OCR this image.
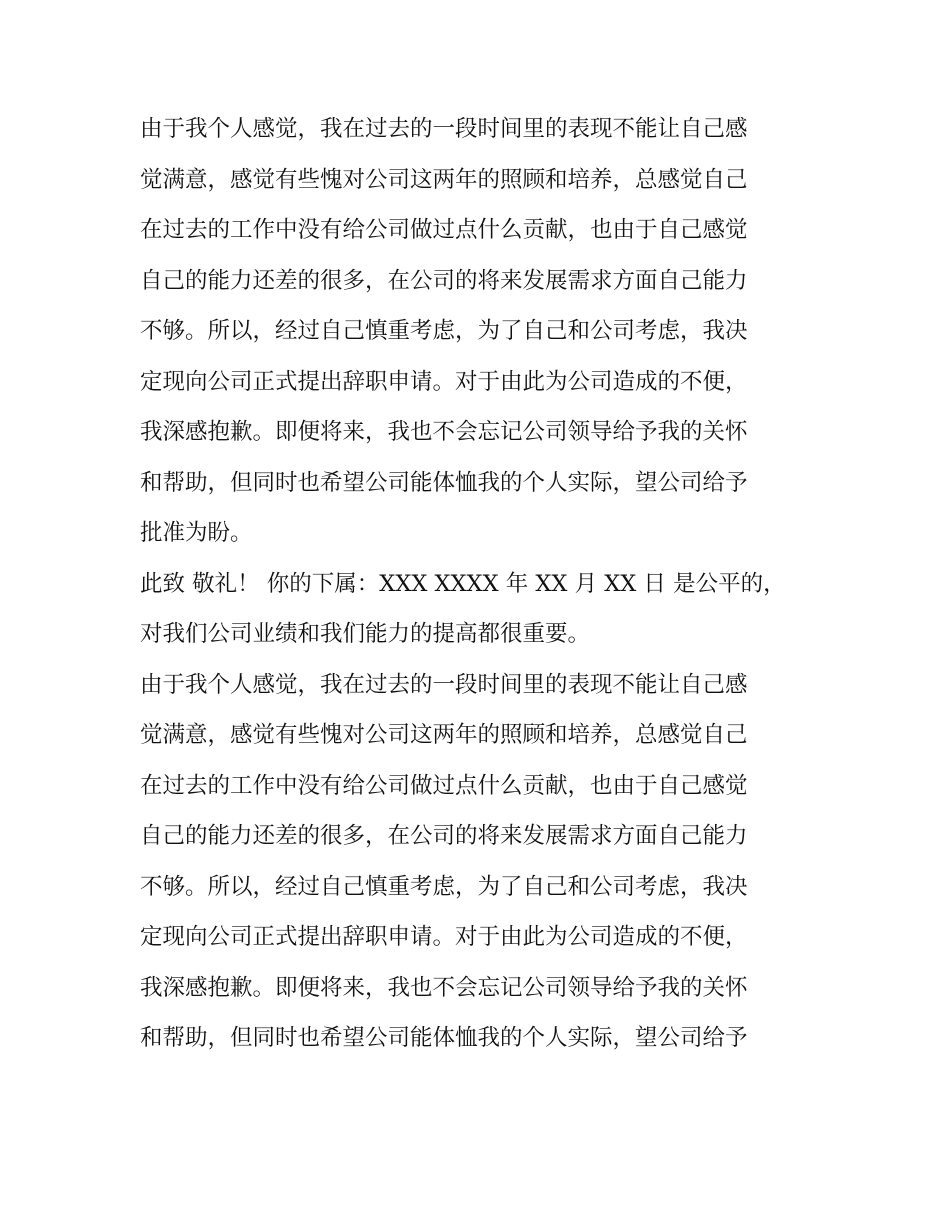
由于我个人感觉，我在过去的一段时间里的表现不能让自己感
觉满意，感觉有些愧对公司这两年的照顾和培养，总感觉自己
在过去的工作中没有给公司做过点什么贡献，也由于自己感觉
自己的能力还差的很多，在公司的将来发展需求方面自己能力
不够。所以，经过自己慎重考虑，为了自己和公司考虑，我决
定现向公司正式提出辞职申请。对于由此为公司造成的不便，
我深感抱歉。即便将来，我也不会忘记公司领导给予我的关怀
和帮助，但同时也希望公司能体恤我的个人实际，望公司给予
批准为盼。
此致 敬礼！ 你的下属：XXX XXXX 年 XX 月 XX 日 是公平的，
对我们公司业绩和我们能力的提高都很重要。
由于我个人感觉，我在过去的一段时间里的表现不能让自己感
觉满意，感觉有些愧对公司这两年的照顾和培养，总感觉自己
在过去的工作中没有给公司做过点什么贡献，也由于自己感觉
自己的能力还差的很多，在公司的将来发展需求方面自己能力
不够。所以，经过自己慎重考虑，为了自己和公司考虑，我决
定现向公司正式提出辞职申请。对于由此为公司造成的不便，
我深感抱歉。即便将来，我也不会忘记公司领导给予我的关怀
和帮助，但同时也希望公司能体恤我的个人实际，望公司给予
